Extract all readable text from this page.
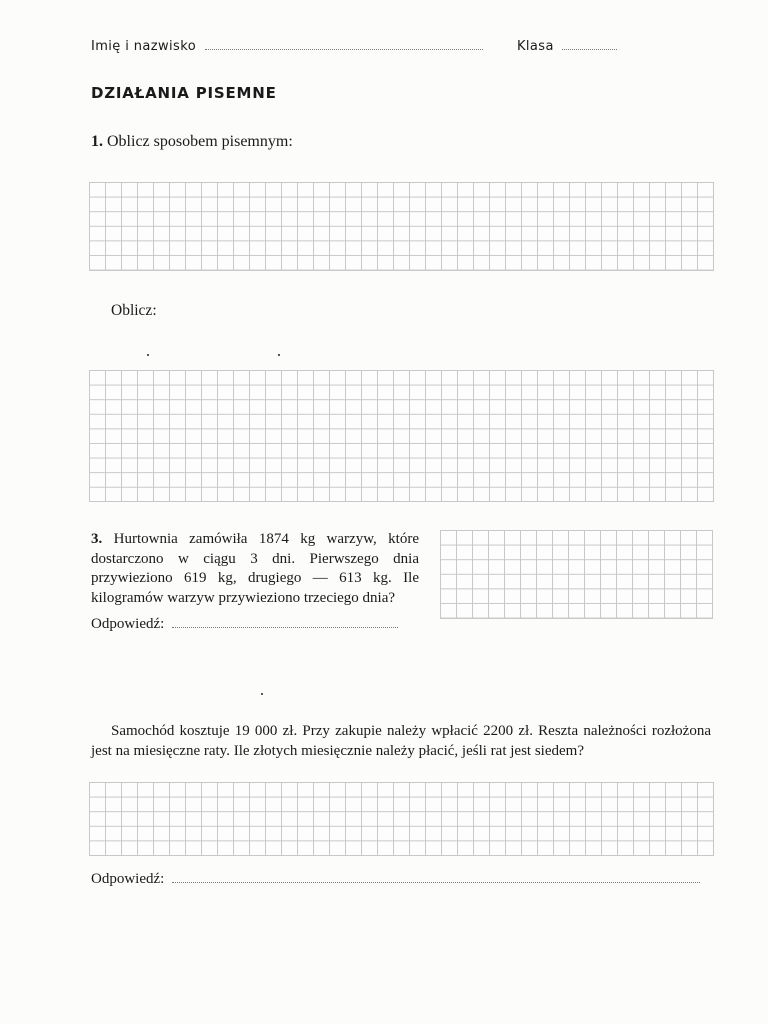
Imię i nazwisko	Klasa
DZIAŁANIA PISEMNE
1. Oblicz sposobem pisemnym:
Oblicz:
3. Hurtownia zamówiła 1874 kg warzyw, które dostarczono w ciągu 3 dni. Pierwszego dnia przywieziono 619 kg, drugiego — 613 kg. Ile kilogramów warzyw przywieziono trzeciego dnia?
Odpowiedź:
Samochód kosztuje 19 000 zł. Przy zakupie należy wpłacić 2200 zł. Reszta należności rozłożona jest na miesięczne raty. Ile złotych miesięcznie należy płacić, jeśli rat jest siedem?
Odpowiedź:
